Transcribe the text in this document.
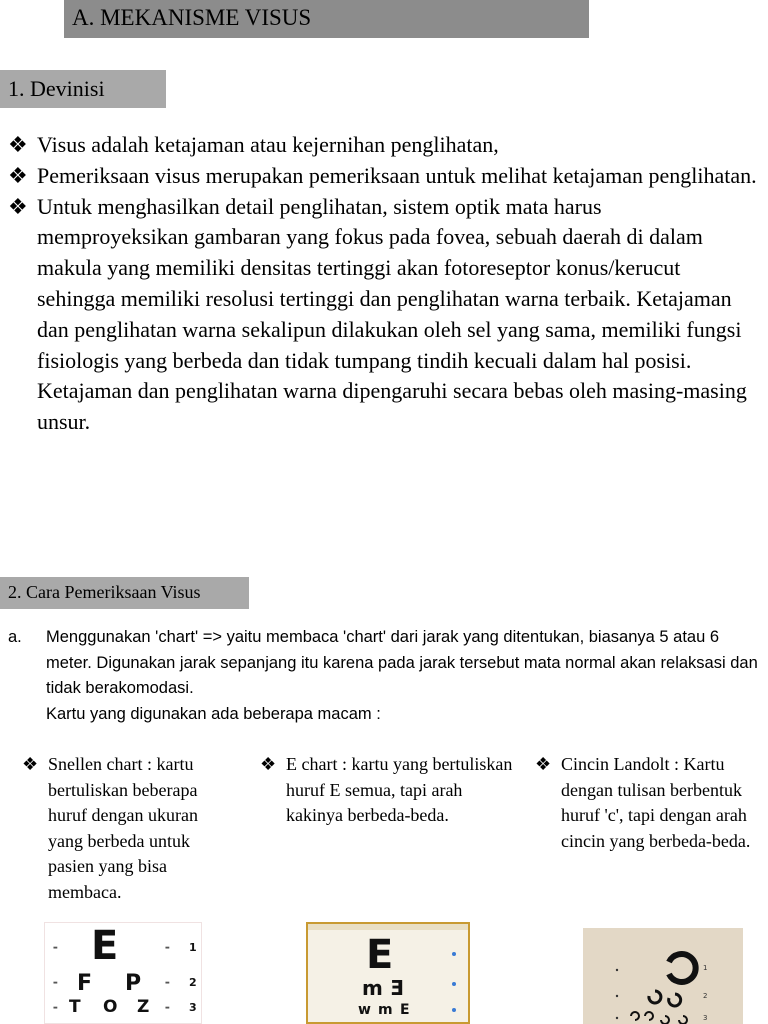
A. MEKANISME VISUS
1. Devinisi
❖ Visus adalah ketajaman atau kejernihan penglihatan,
❖ Pemeriksaan visus merupakan pemeriksaan untuk melihat ketajaman penglihatan.
❖ Untuk menghasilkan detail penglihatan, sistem optik mata harus memproyeksikan gambaran yang fokus pada fovea, sebuah daerah di dalam makula yang memiliki densitas tertinggi akan fotoreseptor konus/kerucut sehingga memiliki resolusi tertinggi dan penglihatan warna terbaik. Ketajaman dan penglihatan warna sekalipun dilakukan oleh sel yang sama, memiliki fungsi fisiologis yang berbeda dan tidak tumpang tindih kecuali dalam hal posisi. Ketajaman dan penglihatan warna dipengaruhi secara bebas oleh masing-masing unsur.
2. Cara Pemeriksaan Visus
a. Menggunakan 'chart' => yaitu membaca 'chart' dari jarak yang ditentukan, biasanya 5 atau 6 meter. Digunakan jarak sepanjang itu karena pada jarak tersebut mata normal akan relaksasi dan tidak berakomodasi.
Kartu yang digunakan ada beberapa macam :
❖ Snellen chart : kartu bertuliskan beberapa huruf dengan ukuran yang berbeda untuk pasien yang bisa membaca.
❖ E chart : kartu yang bertuliskan huruf E semua, tapi arah kakinya berbeda-beda.
❖ Cincin Landolt : Kartu dengan tulisan berbentuk huruf 'c', tapi dengan arah cincin yang berbeda-beda.
▬ E	▬ 1
▬ F P	▬ 2
▬ T O Z	▬ 3
E
m Ǝ
w m E
1
2
3
